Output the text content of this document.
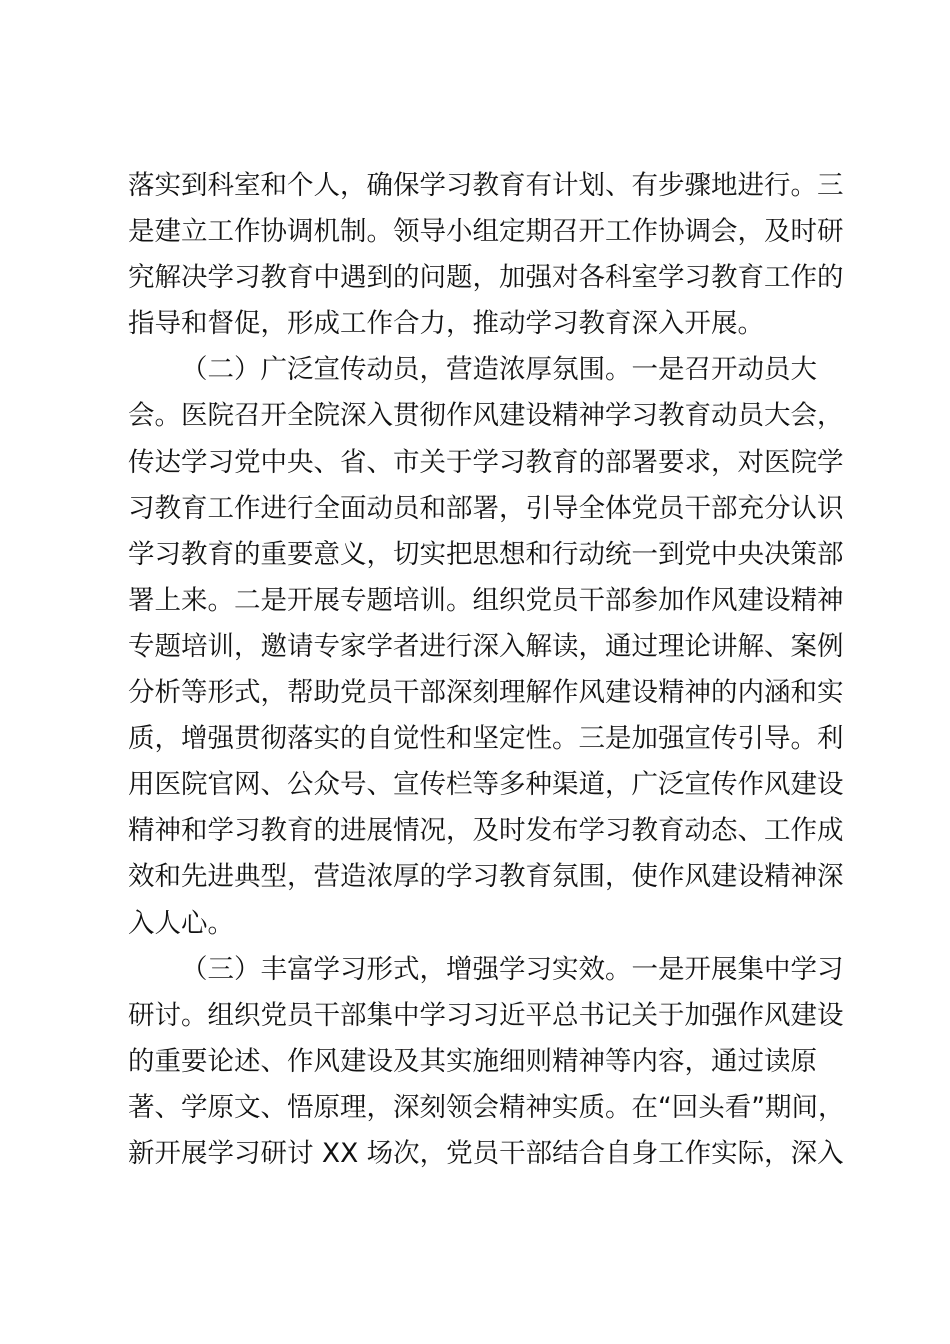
落实到科室和个人，确保学习教育有计划、有步骤地进行。三
是建立工作协调机制。领导小组定期召开工作协调会，及时研
究解决学习教育中遇到的问题，加强对各科室学习教育工作的
指导和督促，形成工作合力，推动学习教育深入开展。
（二）广泛宣传动员，营造浓厚氛围。一是召开动员大
会。医院召开全院深入贯彻作风建设精神学习教育动员大会，
传达学习党中央、省、市关于学习教育的部署要求，对医院学
习教育工作进行全面动员和部署，引导全体党员干部充分认识
学习教育的重要意义，切实把思想和行动统一到党中央决策部
署上来。二是开展专题培训。组织党员干部参加作风建设精神
专题培训，邀请专家学者进行深入解读，通过理论讲解、案例
分析等形式，帮助党员干部深刻理解作风建设精神的内涵和实
质，增强贯彻落实的自觉性和坚定性。三是加强宣传引导。利
用医院官网、公众号、宣传栏等多种渠道，广泛宣传作风建设
精神和学习教育的进展情况，及时发布学习教育动态、工作成
效和先进典型，营造浓厚的学习教育氛围，使作风建设精神深
入人心。
（三）丰富学习形式，增强学习实效。一是开展集中学习
研讨。组织党员干部集中学习习近平总书记关于加强作风建设
的重要论述、作风建设及其实施细则精神等内容，通过读原
著、学原文、悟原理，深刻领会精神实质。在“回头看”期间，
新开展学习研讨 XX 场次，党员干部结合自身工作实际，深入
